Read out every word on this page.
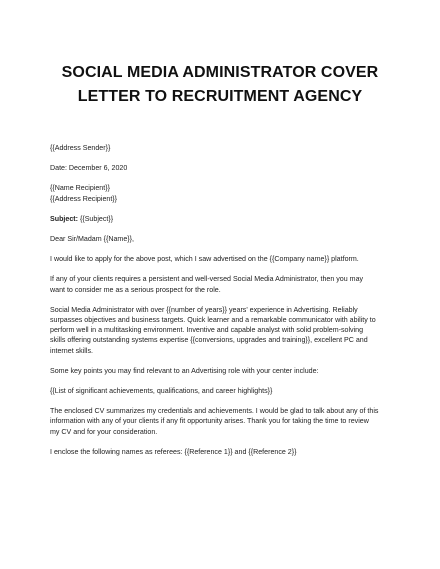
SOCIAL MEDIA ADMINISTRATOR COVER
LETTER TO RECRUITMENT AGENCY

{{Address Sender}}

Date: December 6, 2020

{{Name Recipient}}

{{Address Recipient}}

Subject: {{Subject}}

Dear Sir/Madam {{Name}},

I would like to apply for the above post, which I saw advertised on the {{Company name}} platform.

If any of your clients requires a persistent and well-versed Social Media Administrator, then you may
want to consider me as a serious prospect for the role.

Social Media Administrator with over {{number of years}} years' experience in Advertising. Reliably
surpasses objectives and business targets. Quick learner and a remarkable communicator with ability to
perform well in a multitasking environment. Inventive and capable analyst with solid problem-solving
skills offering outstanding systems expertise {{conversions, upgrades and training}}, excellent PC and
internet skills.

Some key points you may find relevant to an Advertising role with your center include:

{{List of significant achievements, qualifications, and career highlights}}

The enclosed CV summarizes my credentials and achievements. I would be glad to talk about any of this
information with any of your clients if any fit opportunity arises. Thank you for taking the time to review
my CV and for your consideration.

I enclose the following names as referees: {{Reference 1}} and {{Reference 2}}
